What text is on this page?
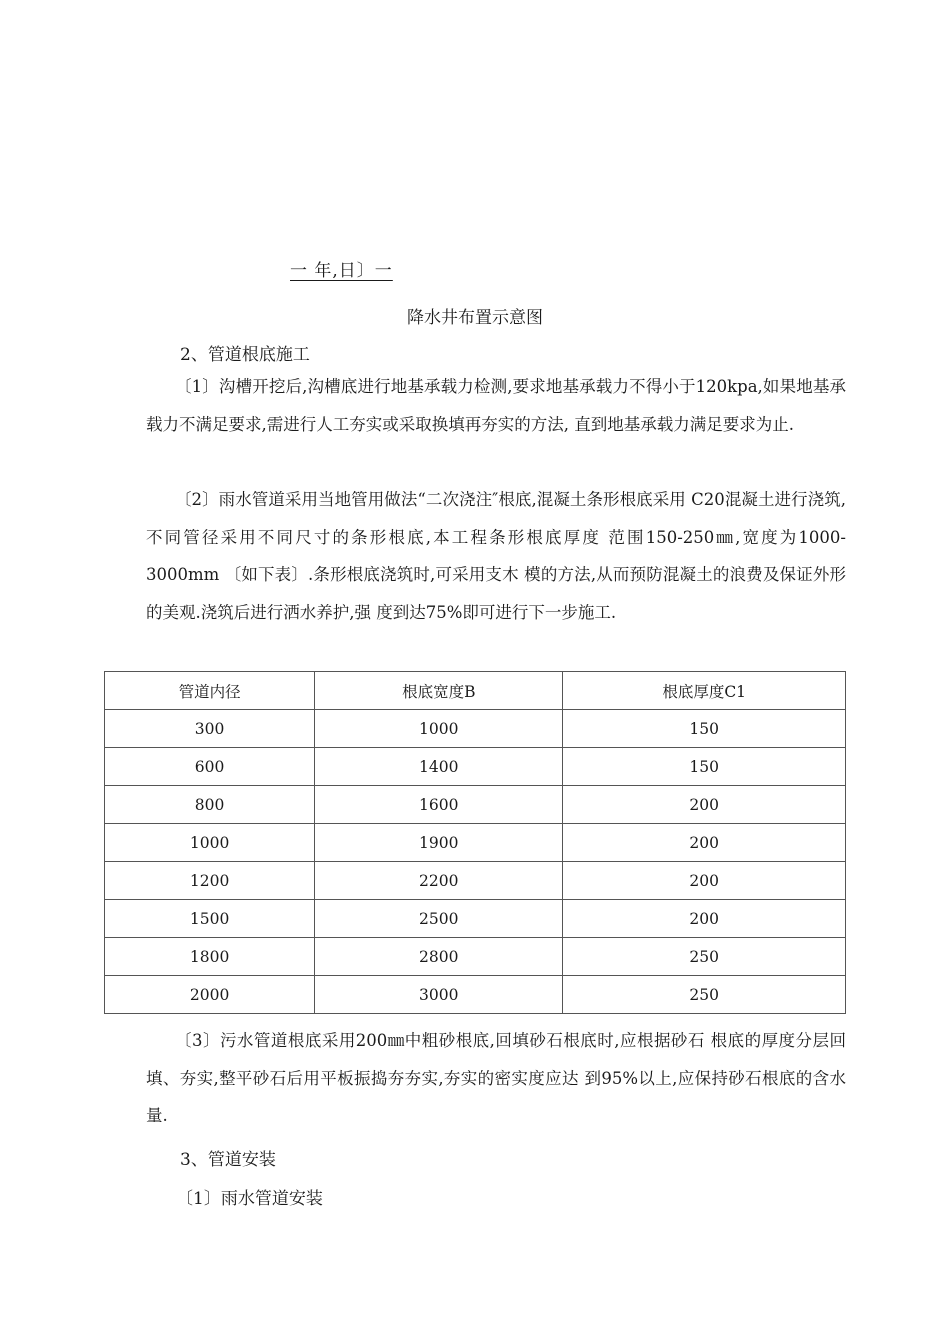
一 年,日〕一
降水井布置示意图
2、管道根底施工

〔1〕沟槽开挖后,沟槽底进行地基承载力检测,要求地基承载力不得小于120kpa,如果地基承载力不满足要求,需进行人工夯实或采取换填再夯实的方法, 直到地基承载力满足要求为止.

〔2〕雨水管道采用当地管用做法“二次浇注″根底,混凝土条形根底采用 C20混凝土进行浇筑,不同管径采用不同尺寸的条形根底,本工程条形根底厚度 范围150-250㎜,宽度为1000-3000mm 〔如下表〕.条形根底浇筑时,可采用支木 模的方法,从而预防混凝土的浪费及保证外形的美观.浇筑后进行洒水养护,强 度到达75%即可进行下一步施工.

管道内径	根底宽度B	根底厚度C1
300	1000	150
600	1400	150
800	1600	200
1000	1900	200
1200	2200	200
1500	2500	200
1800	2800	250
2000	3000	250

〔3〕污水管道根底采用200㎜中粗砂根底,回填砂石根底时,应根据砂石 根底的厚度分层回填、夯实,整平砂石后用平板振捣夯夯实,夯实的密实度应达 到95%以上,应保持砂石根底的含水量.

3、管道安装
〔1〕雨水管道安装
